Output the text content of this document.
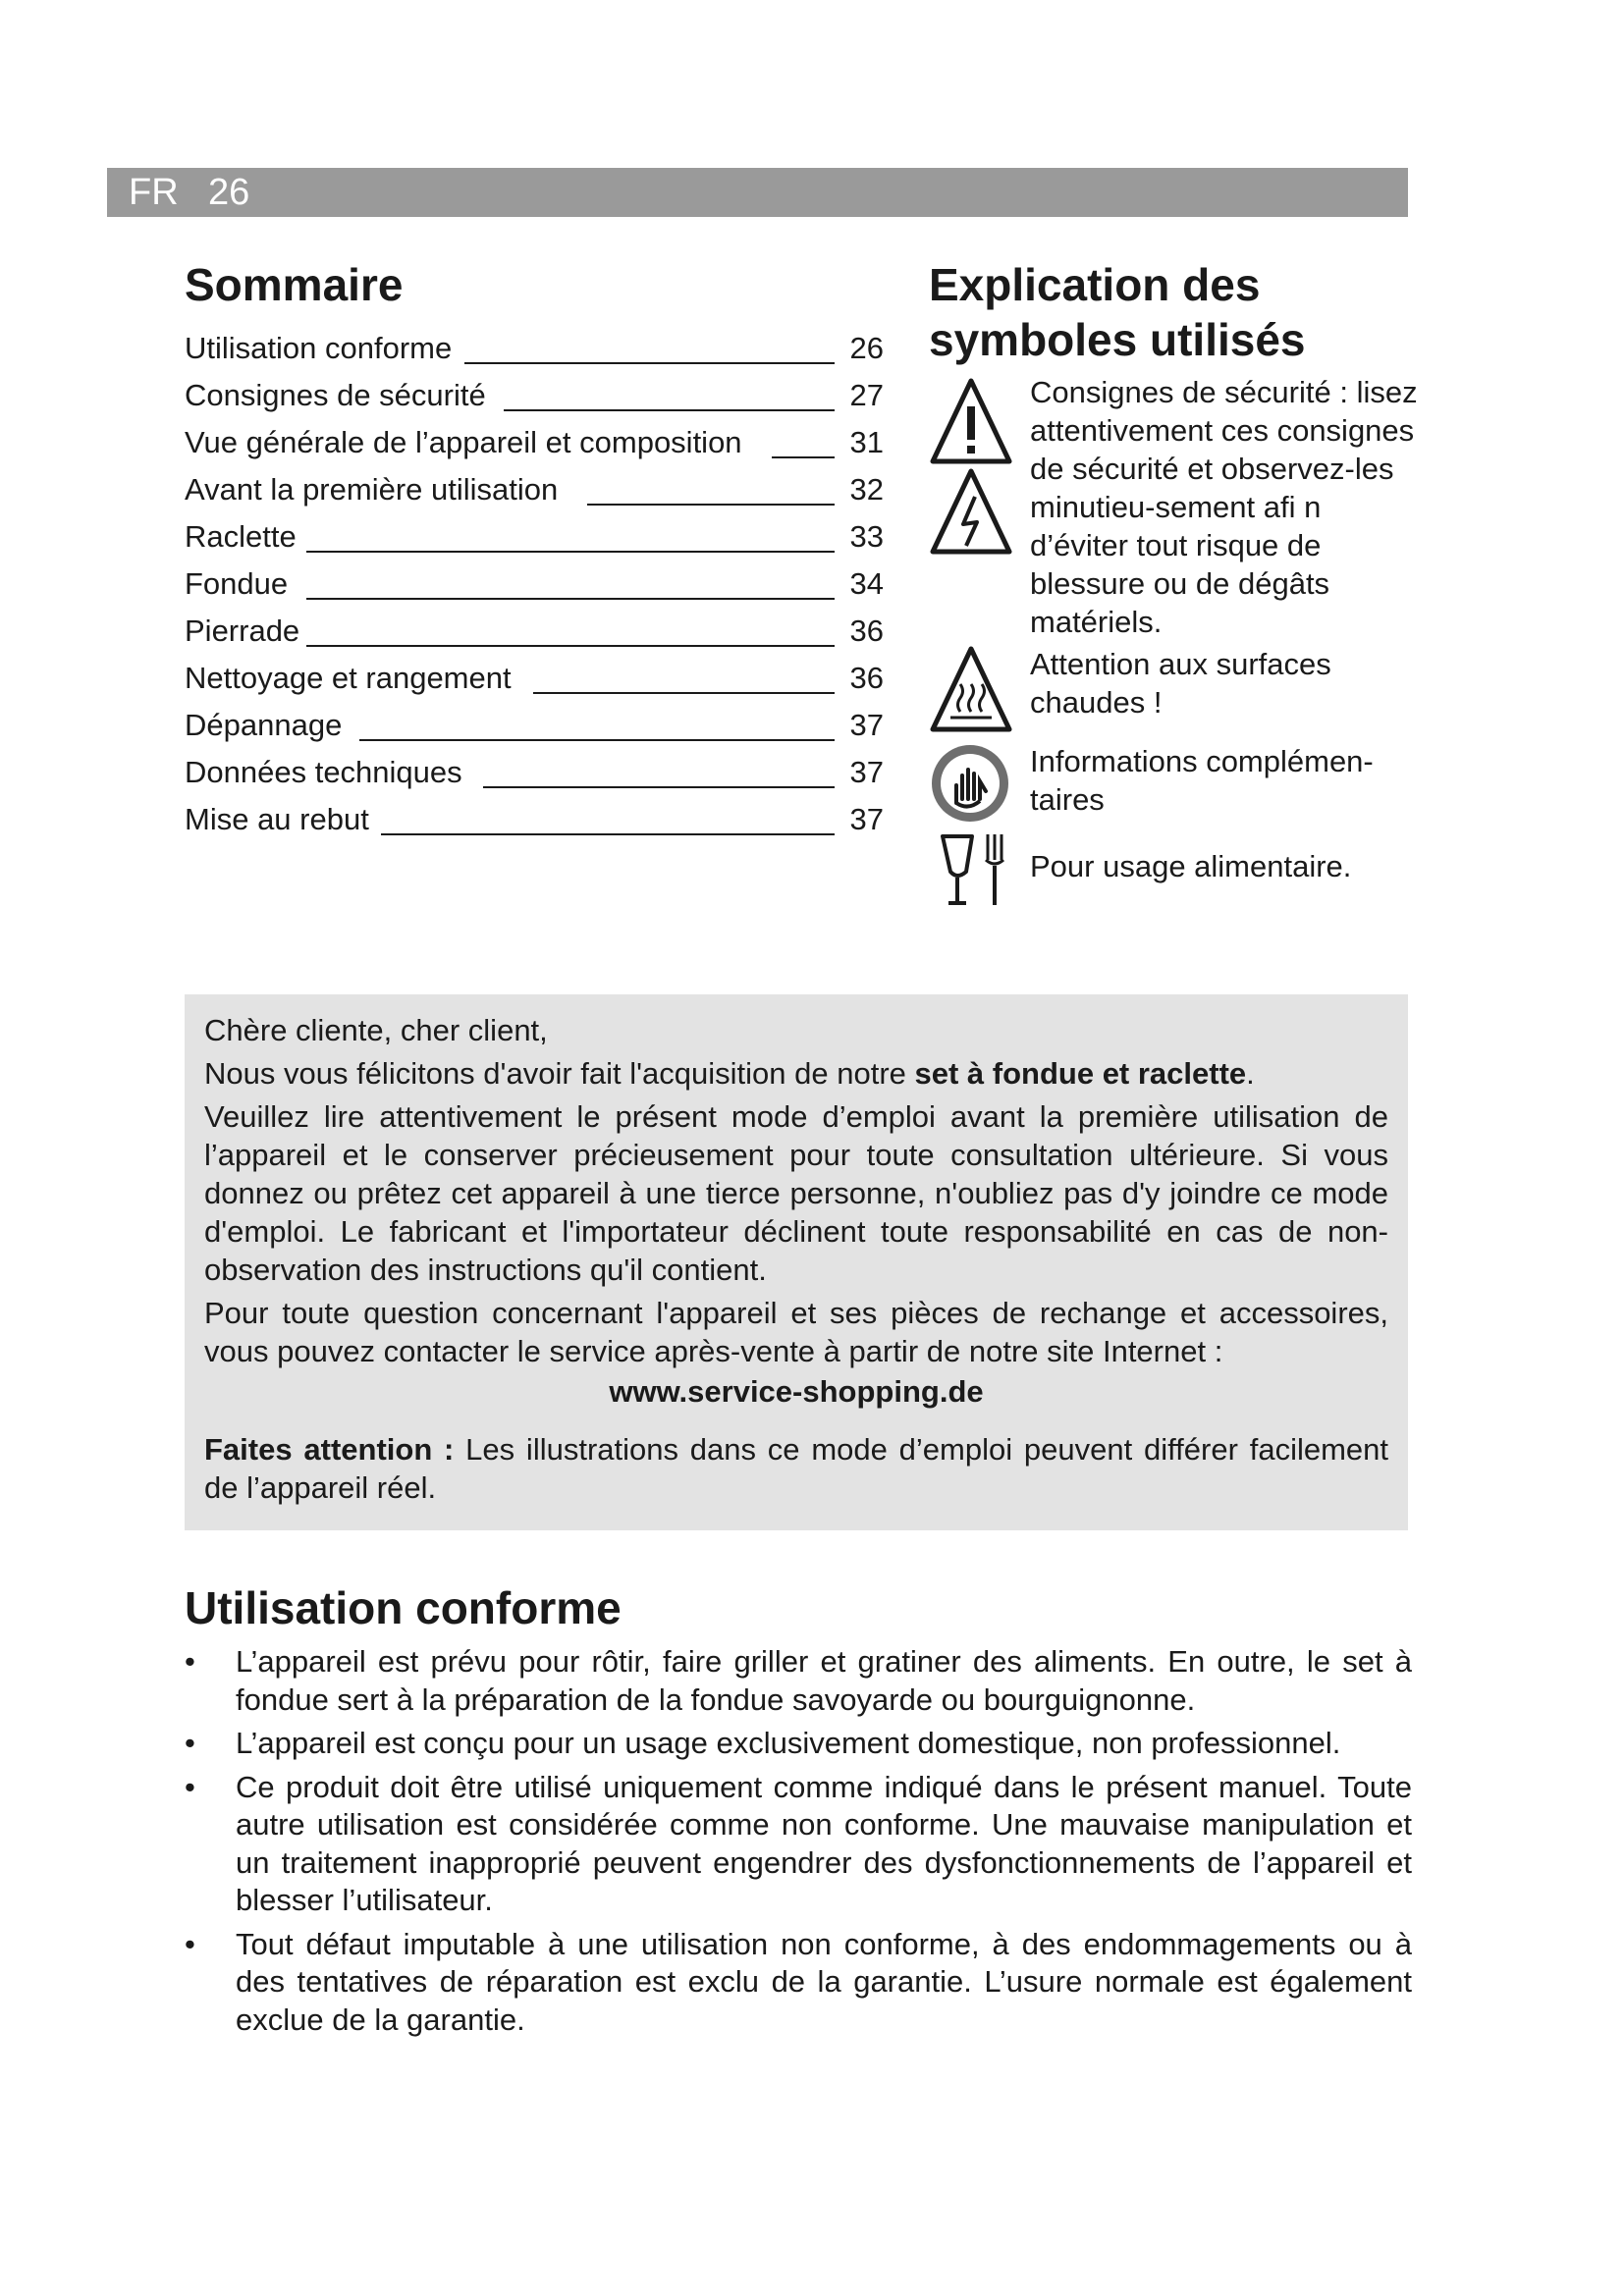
FR 26
Sommaire
Utilisation conforme	26
Consignes de sécurité	27
Vue générale de l’appareil et composition	31
Avant la première utilisation	32
Raclette	33
Fondue	34
Pierrade	36
Nettoyage et rangement	36
Dépannage	37
Données techniques	37
Mise au rebut	37
Explication des
symboles utilisés
Consignes de sécurité : lisez attentivement ces consignes de sécurité et observez-les minutieu-sement afi n d’éviter tout risque de blessure ou de dégâts matériels.
Attention aux surfaces chaudes !
Informations complémen-taires
Pour usage alimentaire.

Chère cliente, cher client,

Nous vous félicitons d'avoir fait l'acquisition de notre set à fondue et raclette.

Veuillez lire attentivement le présent mode d’emploi avant la première utilisation de l’appareil et le conserver précieusement pour toute consultation ultérieure. Si vous donnez ou prêtez cet appareil à une tierce personne, n'oubliez pas d'y joindre ce mode d'emploi. Le fabricant et l'importateur déclinent toute responsabilité en cas de non-observation des instructions qu'il contient.

Pour toute question concernant l'appareil et ses pièces de rechange et accessoires, vous pouvez contacter le service après-vente à partir de notre site Internet :

www.service-shopping.de

Faites attention : Les illustrations dans ce mode d’emploi peuvent différer facilement de l’appareil réel.

Utilisation conforme
• L’appareil est prévu pour rôtir, faire griller et gratiner des aliments. En outre, le set à fondue sert à la préparation de la fondue savoyarde ou bourguignonne.
• L’appareil est conçu pour un usage exclusivement domestique, non professionnel.
• Ce produit doit être utilisé uniquement comme indiqué dans le présent manuel. Toute autre utilisation est considérée comme non conforme. Une mauvaise manipulation et un traitement inapproprié peuvent engendrer des dysfonctionnements de l’appareil et blesser l’utilisateur.
• Tout défaut imputable à une utilisation non conforme, à des endommagements ou à des tentatives de réparation est exclu de la garantie. L’usure normale est également exclue de la garantie.
